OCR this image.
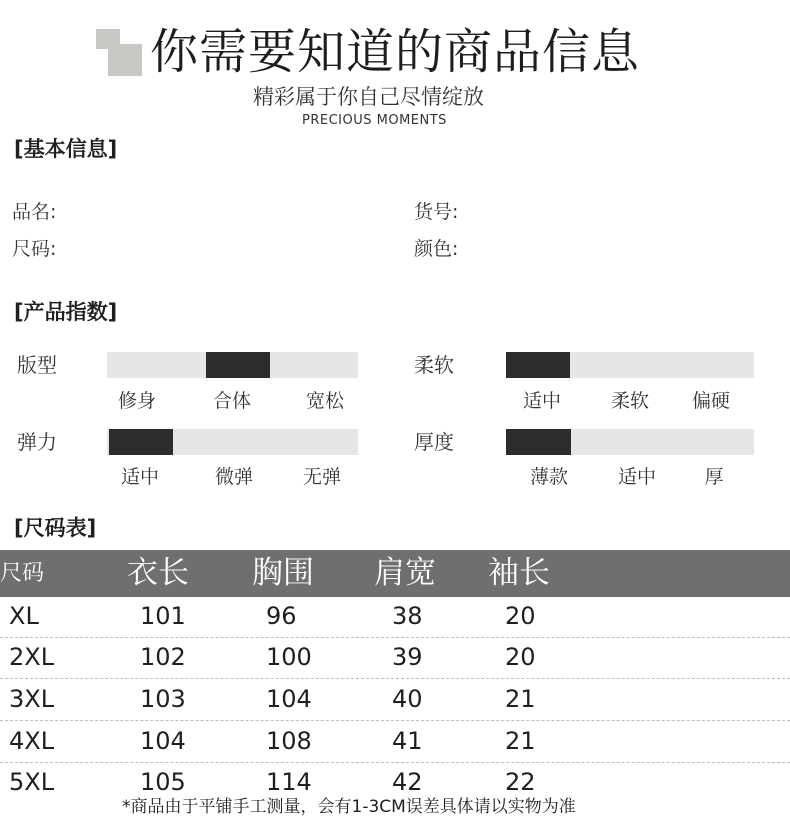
你需要知道的商品信息
精彩属于你自己尽情绽放
PRECIOUS MOMENTS
[基本信息]
品名:	货号:
尺码:	颜色:
[产品指数]
版型
修身	合体	宽松
柔软
适中	柔软 偏硬
弹力
适中	微弹	无弹
厚度
薄款	适中	厚
[尺码表]
尺码	衣长 胸围 肩宽 袖长
XL	101	96	38	20
2XL	102	100	39	20
3XL	103	104	40	21
4XL	104	108	41	21
5XL	105	114	42	22
*商品由于平铺手工测量，会有1-3CM误差具体请以实物为准
